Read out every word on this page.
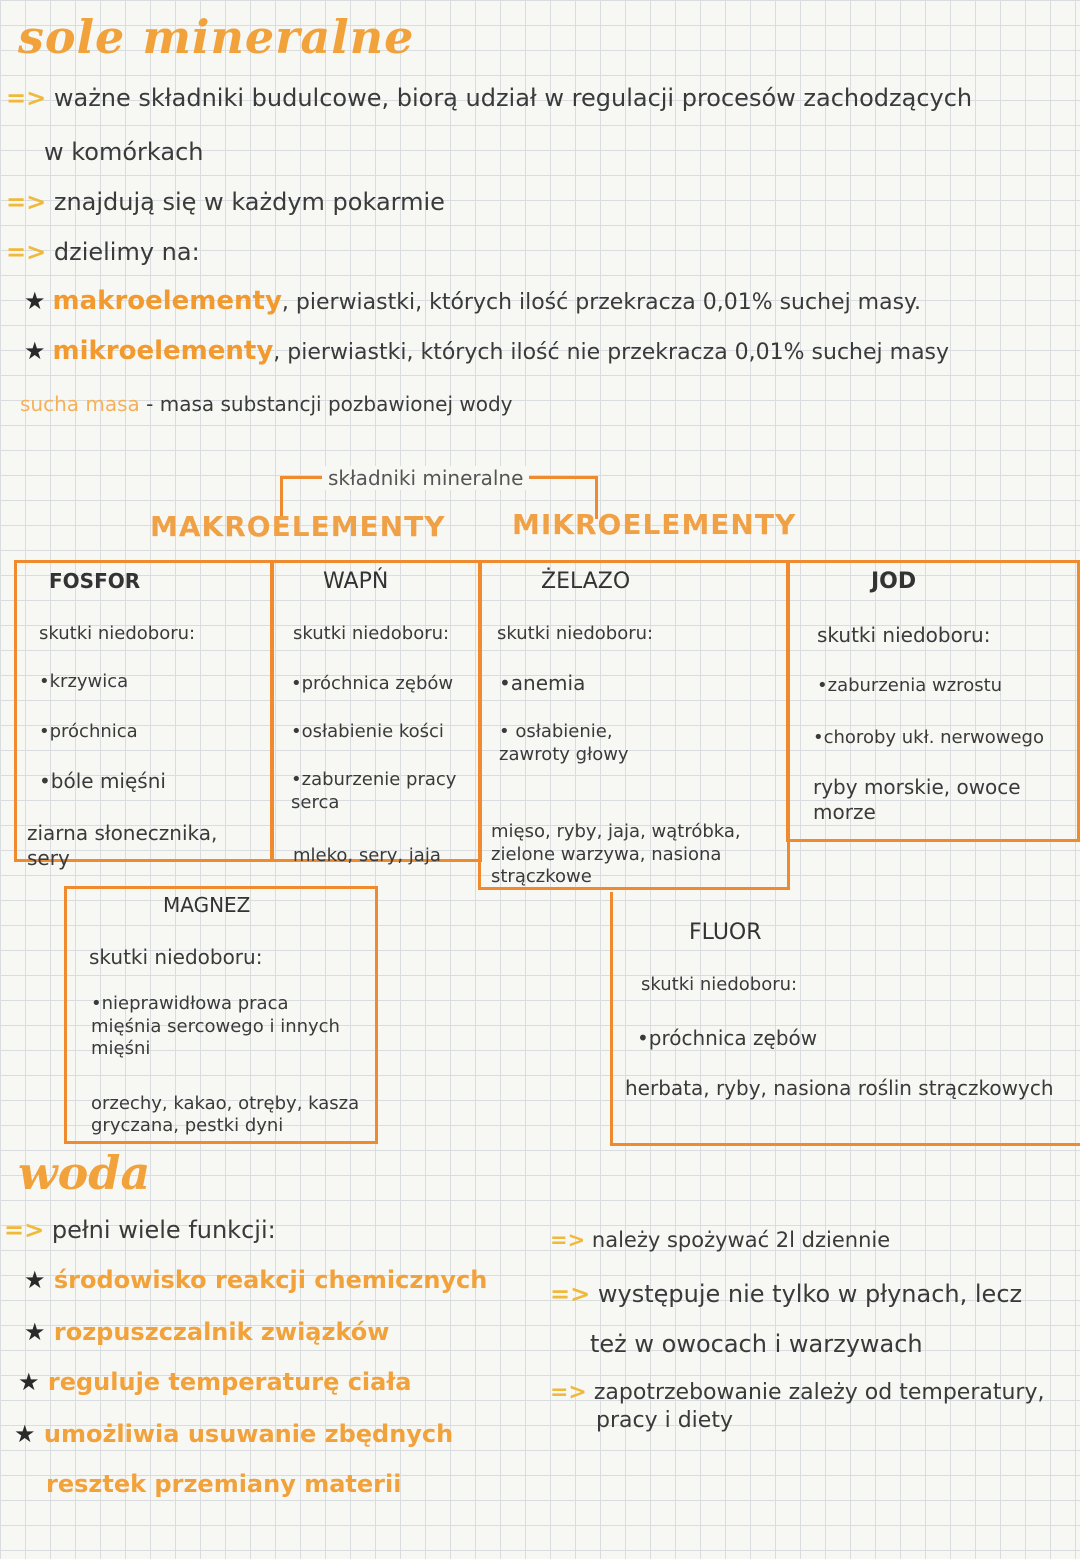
sole mineralne
=> ważne składniki budulcowe, biorą udział w regulacji procesów zachodzących
w komórkach
=> znajdują się w każdym pokarmie
=> dzielimy na:
★ makroelementy, pierwiastki, których ilość przekracza 0,01% suchej masy.
★ mikroelementy, pierwiastki, których ilość nie przekracza 0,01% suchej masy
sucha masa - masa substancji pozbawionej wody
składniki mineralne
MAKROELEMENTY MIKROELEMENTY
FOSFOR
skutki niedoboru:
•krzywica
•próchnica
•bóle mięśni
ziarna słonecznika, sery
WAPŃ
skutki niedoboru:
•próchnica zębów
•osłabienie kości
•zaburzenie pracy serca
mleko, sery, jaja
ŻELAZO
skutki niedoboru:
•anemia
• osłabienie, zawroty głowy
mięso, ryby, jaja, wątróbka, zielone warzywa, nasiona strączkowe
JOD
skutki niedoboru:
•zaburzenia wzrostu
•choroby ukł. nerwowego
ryby morskie, owoce morze
MAGNEZ
skutki niedoboru:
•nieprawidłowa praca mięśnia sercowego i innych mięśni
orzechy, kakao, otręby, kasza gryczana, pestki dyni
FLUOR
skutki niedoboru:
•próchnica zębów
herbata, ryby, nasiona roślin strączkowych
woda
=> pełni wiele funkcji:
★ środowisko reakcji chemicznych
★ rozpuszczalnik związków
★ reguluje temperaturę ciała
★ umożliwia usuwanie zbędnych
resztek przemiany materii
=> należy spożywać 2l dziennie
=> występuje nie tylko w płynach, lecz
też w owocach i warzywach
=> zapotrzebowanie zależy od temperatury,
pracy i diety
